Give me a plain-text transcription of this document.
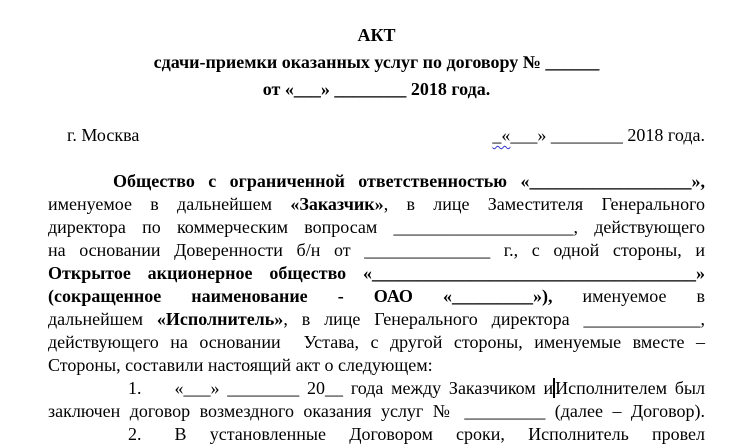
АКТ
сдачи-приемки оказанных услуг по договору № ______
от «___» ________ 2018 года.
г. Москва	_«___» ________ 2018 года.
Общество с ограниченной ответственностью «__________________»,
именуемое в дальнейшем «Заказчик», в лице Заместителя Генерального
директора по коммерческим вопросам ____________________, действующего
на основании Доверенности б/н от ______________ г., с одной стороны, и
Открытое акционерное общество «____________________________________»
(сокращенное наименование - ОАО «_________»), именуемое в
дальнейшем «Исполнитель», в лице Генерального директора _____________,
действующего на основании  Устава, с другой стороны, именуемые вместе –
Стороны, составили настоящий акт о следующем:
1. «___» ________ 20__ года между Заказчиком и Исполнителем был
заключен договор возмездного оказания услуг № _________ (далее – Договор).
2. В установленные Договором сроки, Исполнитель провел
